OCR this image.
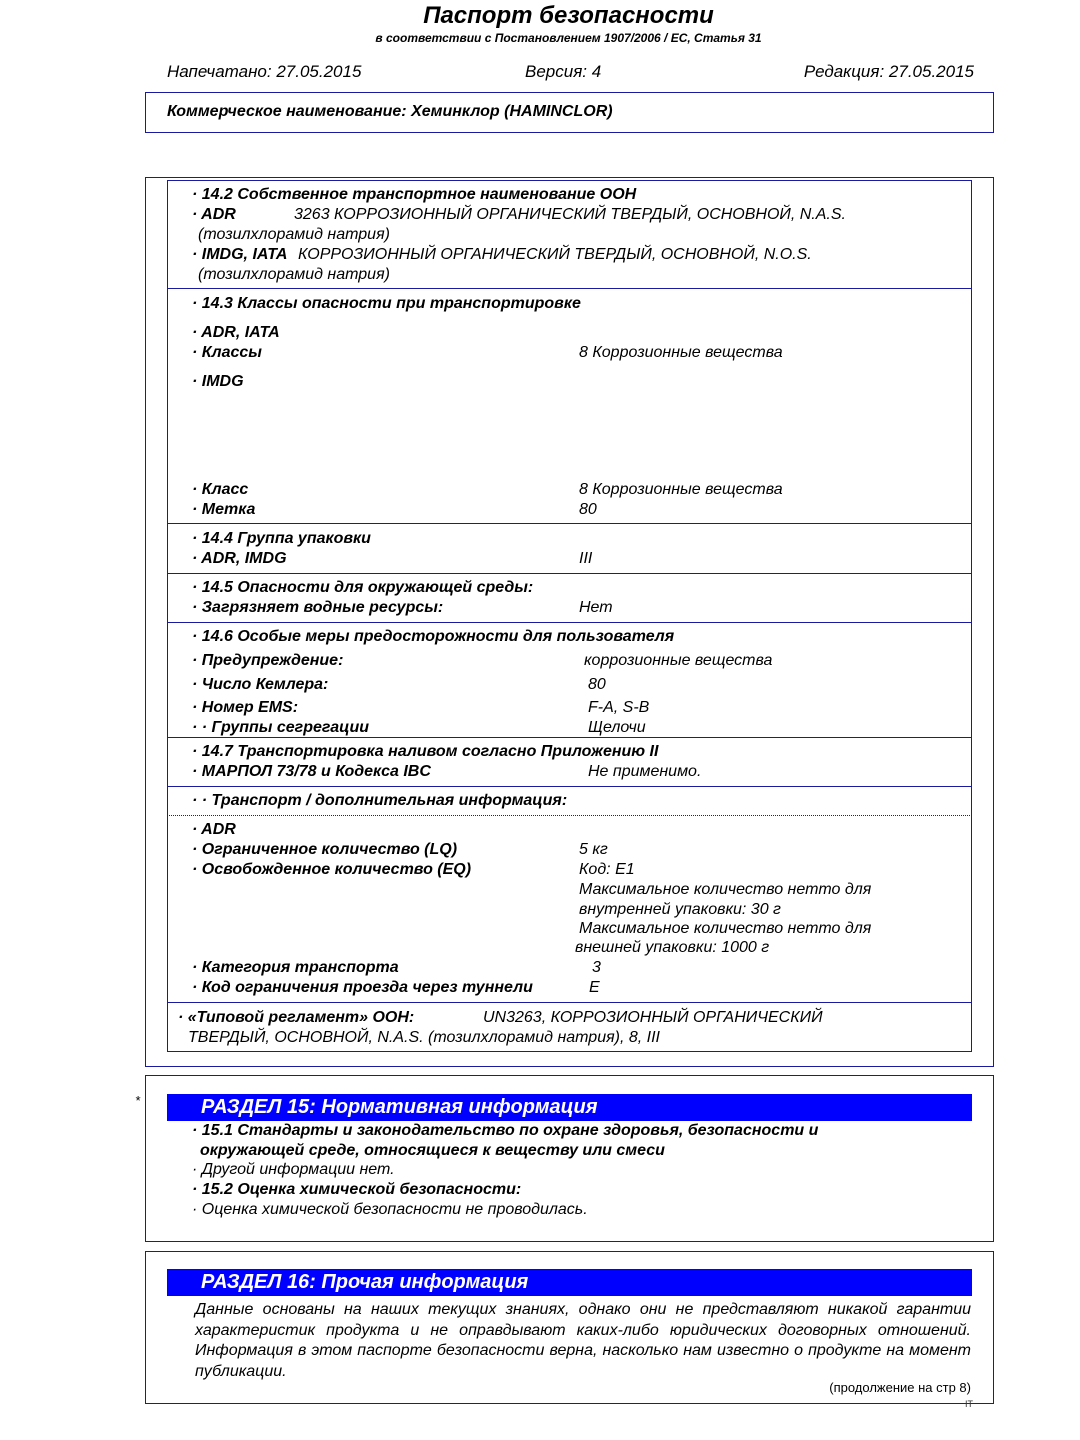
Паспорт безопасности
в соответствии с Постановлением 1907/2006 / EC, Статья 31
Напечатано: 27.05.2015	Версия: 4	Редакция: 27.05.2015
Коммерческое наименование: Хеминклор (HAMINCLOR)
· 14.2 Собственное транспортное наименование ООН
· ADR	3263 КОРРОЗИОННЫЙ ОРГАНИЧЕСКИЙ ТВЕРДЫЙ, ОСНОВНОЙ, N.A.S.
(тозилхлорамид натрия)
· IMDG, IATA КОРРОЗИОННЫЙ ОРГАНИЧЕСКИЙ ТВЕРДЫЙ, ОСНОВНОЙ, N.O.S.
(тозилхлорамид натрия)
· 14.3 Классы опасности при транспортировке
· ADR, IATA
· Классы	8 Коррозионные вещества
· IMDG
· Класс	8 Коррозионные вещества
· Метка	80
· 14.4 Группа упаковки
· ADR, IMDG	III
· 14.5 Опасности для окружающей среды:
· Загрязняет водные ресурсы:	Нет
· 14.6 Особые меры предосторожности для пользователя
· Предупреждение:	коррозионные вещества
· Число Кемлера:	80
· Номер EMS:	F-A, S-B
· · Группы сегрегации	Щелочи
· 14.7 Транспортировка наливом согласно Приложению II
· МАРПОЛ 73/78 и Кодекса IBC	Не применимо.
· · Транспорт / дополнительная информация:
· ADR
· Ограниченное количество (LQ)	5 кг
· Освобожденное количество (EQ)	Код: E1
Максимальное количество нетто для
внутренней упаковки: 30 г
Максимальное количество нетто для
внешней упаковки: 1000 г
· Категория транспорта	3
· Код ограничения проезда через туннели	E
· «Типовой регламент» ООН:	UN3263, КОРРОЗИОННЫЙ ОРГАНИЧЕСКИЙ
ТВЕРДЫЙ, ОСНОВНОЙ, N.A.S. (тозилхлорамид натрия), 8, III
*	РАЗДЕЛ 15: Нормативная информация
· 15.1 Стандарты и законодательство по охране здоровья, безопасности и
окружающей среде, относящиеся к веществу или смеси
· Другой информации нет.
· 15.2 Оценка химической безопасности:
· Оценка химической безопасности не проводилась.
РАЗДЕЛ 16: Прочая информация
Данные основаны на наших текущих знаниях, однако они не представляют никакой гарантии характеристик продукта и не оправдывают каких-либо юридических договорных отношений. Информация в этом паспорте безопасности верна, насколько нам известно о продукте на момент публикации.
(продолжение на стр 8)
IT
